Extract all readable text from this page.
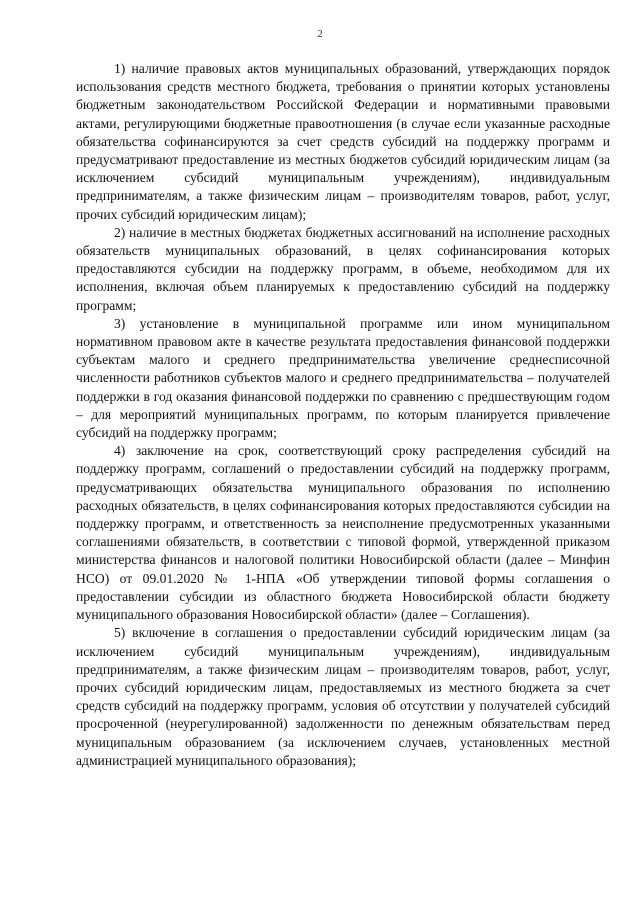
2

1) наличие правовых актов муниципальных образований, утверждающих порядок использования средств местного бюджета, требования о принятии которых установлены бюджетным законодательством Российской Федерации и нормативными правовыми актами, регулирующими бюджетные правоотношения (в случае если указанные расходные обязательства софинансируются за счет средств субсидий на поддержку программ и предусматривают предоставление из местных бюджетов субсидий юридическим лицам (за исключением субсидий муниципальным учреждениям), индивидуальным предпринимателям, а также физическим лицам – производителям товаров, работ, услуг, прочих субсидий юридическим лицам);

2) наличие в местных бюджетах бюджетных ассигнований на исполнение расходных обязательств муниципальных образований, в целях софинансирования которых предоставляются субсидии на поддержку программ, в объеме, необходимом для их исполнения, включая объем планируемых к предоставлению субсидий на поддержку программ;

3) установление в муниципальной программе или ином муниципальном нормативном правовом акте в качестве результата предоставления финансовой поддержки субъектам малого и среднего предпринимательства увеличение среднесписочной численности работников субъектов малого и среднего предпринимательства – получателей поддержки в год оказания финансовой поддержки по сравнению с предшествующим годом – для мероприятий муниципальных программ, по которым планируется привлечение субсидий на поддержку программ;

4) заключение на срок, соответствующий сроку распределения субсидий на поддержку программ, соглашений о предоставлении субсидий на поддержку программ, предусматривающих обязательства муниципального образования по исполнению расходных обязательств, в целях софинансирования которых предоставляются субсидии на поддержку программ, и ответственность за неисполнение предусмотренных указанными соглашениями обязательств, в соответствии с типовой формой, утвержденной приказом министерства финансов и налоговой политики Новосибирской области (далее – Минфин НСО) от 09.01.2020 № 1-НПА «Об утверждении типовой формы соглашения о предоставлении субсидии из областного бюджета Новосибирской области бюджету муниципального образования Новосибирской области» (далее – Соглашения).

5) включение в соглашения о предоставлении субсидий юридическим лицам (за исключением субсидий муниципальным учреждениям), индивидуальным предпринимателям, а также физическим лицам – производителям товаров, работ, услуг, прочих субсидий юридическим лицам, предоставляемых из местного бюджета за счет средств субсидий на поддержку программ, условия об отсутствии у получателей субсидий просроченной (неурегулированной) задолженности по денежным обязательствам перед муниципальным образованием (за исключением случаев, установленных местной администрацией муниципального образования);
